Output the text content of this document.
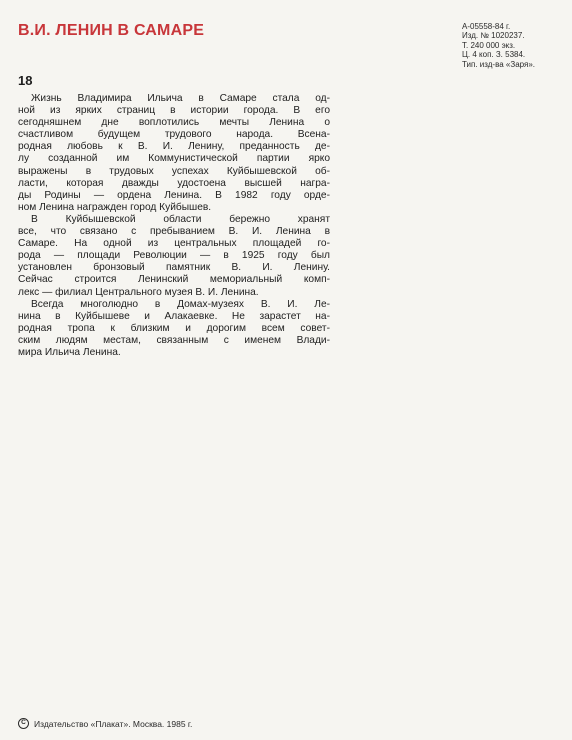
В.И. ЛЕНИН В САМАРЕ	А-05558-84 г.
Изд. № 1020237.
Т. 240 000 экз.
Ц. 4 коп. З. 5384.
Тип. изд-ва «Заря».
18
Жизнь Владимира Ильича в Самаре стала од-
ной из ярких страниц в истории города. В его
сегодняшнем дне воплотились мечты Ленина о
счастливом будущем трудового народа. Всена-
родная любовь к В. И. Ленину, преданность де-
лу созданной им Коммунистической партии ярко
выражены в трудовых успехах Куйбышевской об-
ласти, которая дважды удостоена высшей награ-
ды Родины — ордена Ленина. В 1982 году орде-
ном Ленина награжден город Куйбышев.
В Куйбышевской области бережно хранят
все, что связано с пребыванием В. И. Ленина в
Самаре. На одной из центральных площадей го-
рода — площади Революции — в 1925 году был
установлен бронзовый памятник В. И. Ленину.
Сейчас строится Ленинский мемориальный комп-
лекс — филиал Центрального музея В. И. Ленина.
Всегда многолюдно в Домах-музеях В. И. Ле-
нина в Куйбышеве и Алакаевке. Не зарастет на-
родная тропа к близким и дорогим всем совет-
ским людям местам, связанным с именем Влади-
мира Ильича Ленина.
С Издательство «Плакат». Москва. 1985 г.
